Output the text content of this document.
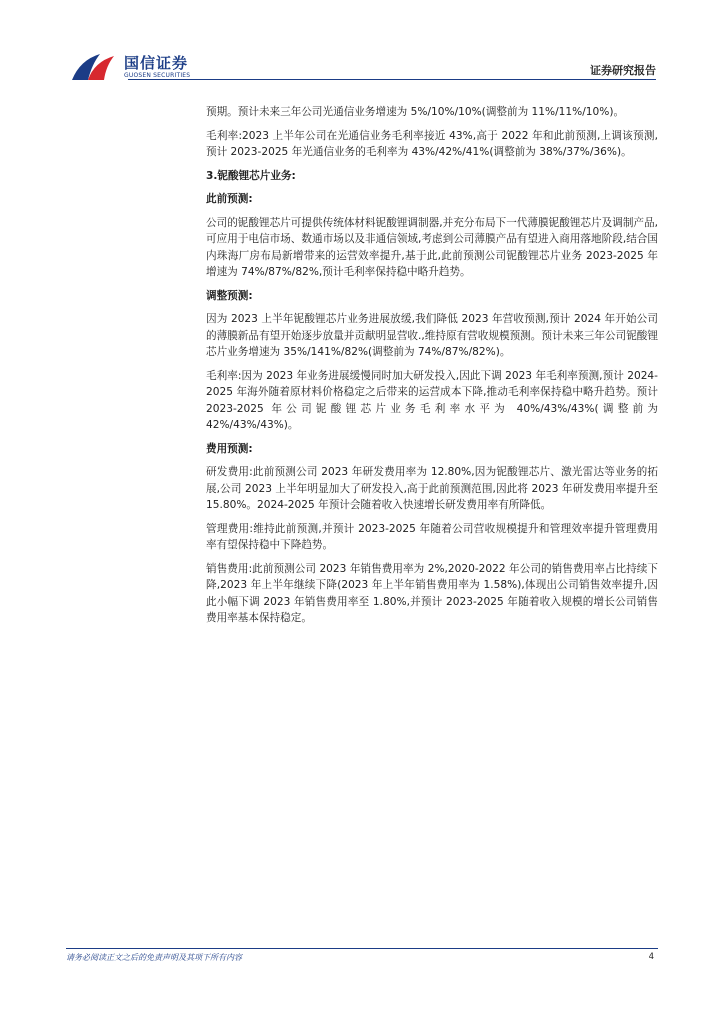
国信证券
GUOSEN SECURITIES	证券研究报告

预期。预计未来三年公司光通信业务增速为 5%/10%/10%(调整前为 11%/11%/10%)。

毛利率:2023 上半年公司在光通信业务毛利率接近 43%,高于 2022 年和此前预测,上调该预测,预计 2023-2025 年光通信业务的毛利率为 43%/42%/41%(调整前为 38%/37%/36%)。

3.铌酸锂芯片业务:

此前预测:

公司的铌酸锂芯片可提供传统体材料铌酸锂调制器,并充分布局下一代薄膜铌酸锂芯片及调制产品,可应用于电信市场、数通市场以及非通信领域,考虑到公司薄膜产品有望进入商用落地阶段,结合国内珠海厂房布局新增带来的运营效率提升,基于此,此前预测公司铌酸锂芯片业务 2023-2025 年增速为 74%/87%/82%,预计毛利率保持稳中略升趋势。

调整预测:

因为 2023 上半年铌酸锂芯片业务进展放缓,我们降低 2023 年营收预测,预计 2024 年开始公司的薄膜新品有望开始逐步放量并贡献明显营收.,维持原有营收规模预测。预计未来三年公司铌酸锂芯片业务增速为 35%/141%/82%(调整前为 74%/87%/82%)。

毛利率:因为 2023 年业务进展缓慢同时加大研发投入,因此下调 2023 年毛利率预测,预计 2024-2025 年海外随着原材料价格稳定之后带来的运营成本下降,推动毛利率保持稳中略升趋势。预计 2023-2025 年公司铌酸锂芯片业务毛利率水平为 40%/43%/43%(调整前为 42%/43%/43%)。

费用预测:

研发费用:此前预测公司 2023 年研发费用率为 12.80%,因为铌酸锂芯片、激光雷达等业务的拓展,公司 2023 上半年明显加大了研发投入,高于此前预测范围,因此将 2023 年研发费用率提升至 15.80%。2024-2025 年预计会随着收入快速增长研发费用率有所降低。

管理费用:维持此前预测,并预计 2023-2025 年随着公司营收规模提升和管理效率提升管理费用率有望保持稳中下降趋势。

销售费用:此前预测公司 2023 年销售费用率为 2%,2020-2022 年公司的销售费用率占比持续下降,2023 年上半年继续下降(2023 年上半年销售费用率为 1.58%),体现出公司销售效率提升,因此小幅下调 2023 年销售费用率至 1.80%,并预计 2023-2025 年随着收入规模的增长公司销售费用率基本保持稳定。

请务必阅读正文之后的免责声明及其项下所有内容	4
